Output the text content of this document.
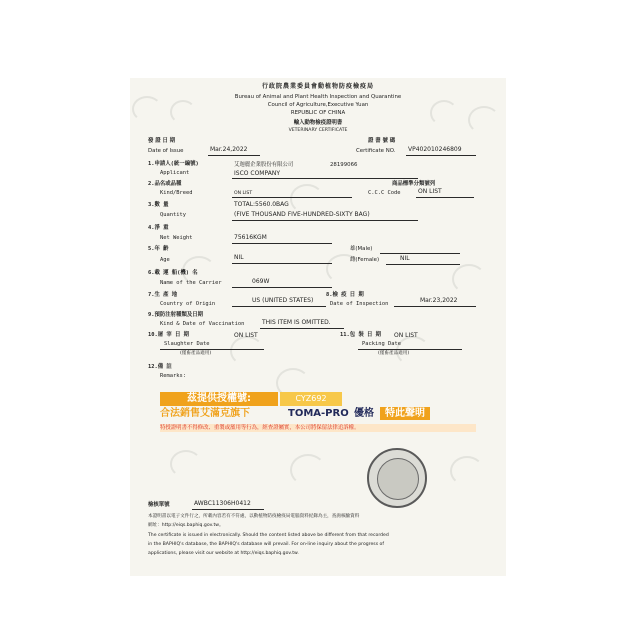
行政院農業委員會動植物防疫檢疫局
Bureau of Animal and Plant Health Inspection and Quarantine
Council of Agriculture,Executive Yuan
REPUBLIC OF CHINA
輸入動物檢疫證明書
VETERINARY CERTIFICATE
發 證 日 期
Date of Issue	Mar.24,2022
證 書 號 碼
Certificate NO. VP402010246809
1.申請人(統一編號)
Applicant
艾迦麗企業股份有限公司	28199066
ISCO COMPANY
2.品名或品種
Kind/Breed	ON LIST
商品標準分類號列
C.C.C Code	ON LIST
3.數 量
Quantity
TOTAL:5560.0BAG
(FIVE THOUSAND FIVE-HUNDRED-SIXTY BAG)
4.淨 重
Net Weight	75616KGM
5.年 齡
Age	NIL
雄(Male)
雌(Female)	NIL
6.載 運 船(機) 名
Name of the Carrier	069W
7.生 產 地
Country of Origin	US (UNITED STATES)
8.檢 疫 日 期
Date of Inspection	Mar.23,2022
9.預防注射種類及日期
Kind & Date of Vaccination	THIS ITEM IS OMITTED.
10.屠 宰 日 期
Slaughter Date
ON LIST
(僅畜產品適用)
11.包 裝 日 期
Packing Date
ON LIST
(僅畜產品適用)
12.備 註
Remarks:
茲提供授權號:	CYZ692
合法銷售艾滿克旗下	TOMA-PRO 優格	特此聲明
特授證明書不得修改、重製或濫用等行為，經查證屬實，本公司將保留法律追訴權。
檢核單號	AWBC11306H0412
本證明書以電子文件行之，所載內容若有不符處，以動植物防疫檢疫局電腦資料紀錄為主，查詢核驗資料
網址：http://eiqs.baphiq.gov.tw。
The certificate is issued in electronically. Should the content listed above be different from that recorded
in the BAPHIQ's database, the BAPHIQ's database will prevail. For on-line inquiry about the progress of
applications, please visit our website at http://eiqs.baphiq.gov.tw.
